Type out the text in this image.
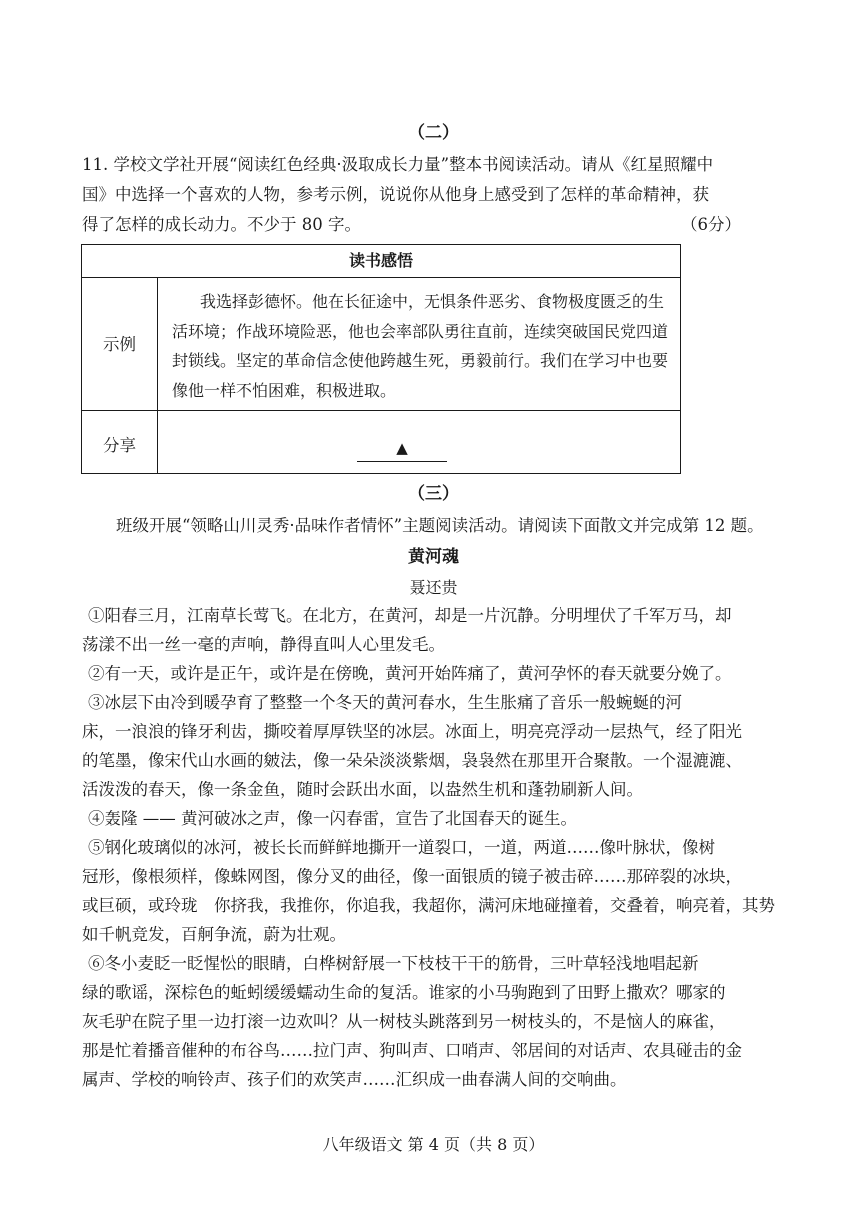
（二）
11. 学校文学社开展“阅读红色经典·汲取成长力量”整本书阅读活动。请从《红星照耀中
国》中选择一个喜欢的人物，参考示例，说说你从他身上感受到了怎样的革命精神，获
得了怎样的成长动力。不少于 80 字。	（6分）
读书感悟
示例
我选择彭德怀。他在长征途中，无惧条件恶劣、食物极度匮乏的生
活环境；作战环境险恶，他也会率部队勇往直前，连续突破国民党四道
封锁线。坚定的革命信念使他跨越生死，勇毅前行。我们在学习中也要
像他一样不怕困难，积极进取。
分享	▲
（三）
班级开展“领略山川灵秀·品味作者情怀”主题阅读活动。请阅读下面散文并完成第 12 题。
黄河魂
聂还贵
①阳春三月，江南草长莺飞。在北方，在黄河，却是一片沉静。分明埋伏了千军万马，却
荡漾不出一丝一毫的声响，静得直叫人心里发毛。
②有一天，或许是正午，或许是在傍晚，黄河开始阵痛了，黄河孕怀的春天就要分娩了。
③冰层下由冷到暖孕育了整整一个冬天的黄河春水，生生胀痛了音乐一般蜿蜒的河
床，一浪浪的锋牙利齿，撕咬着厚厚铁坚的冰层。冰面上，明亮亮浮动一层热气，经了阳光
的笔墨，像宋代山水画的皴法，像一朵朵淡淡紫烟，袅袅然在那里开合聚散。一个湿漉漉、
活泼泼的春天，像一条金鱼，随时会跃出水面，以盎然生机和蓬勃刷新人间。
④轰隆 —— 黄河破冰之声，像一闪春雷，宣告了北国春天的诞生。
⑤钢化玻璃似的冰河，被长长而鲜鲜地撕开一道裂口，一道，两道……像叶脉状，像树
冠形，像根须样，像蛛网图，像分叉的曲径，像一面银质的镜子被击碎……那碎裂的冰块，
或巨硕，或玲珑　你挤我，我推你，你追我，我超你，满河床地碰撞着，交叠着，响亮着，其势
如千帆竞发，百舸争流，蔚为壮观。
⑥冬小麦眨一眨惺忪的眼睛，白桦树舒展一下枝枝干干的筋骨，三叶草轻浅地唱起新
绿的歌谣，深棕色的蚯蚓缓缓蠕动生命的复活。谁家的小马驹跑到了田野上撒欢？哪家的
灰毛驴在院子里一边打滚一边欢叫？从一树枝头跳落到另一树枝头的，不是恼人的麻雀，
那是忙着播音催种的布谷鸟……拉门声、狗叫声、口哨声、邻居间的对话声、农具碰击的金
属声、学校的响铃声、孩子们的欢笑声……汇织成一曲春满人间的交响曲。
八年级语文 第 4 页（共 8 页）
